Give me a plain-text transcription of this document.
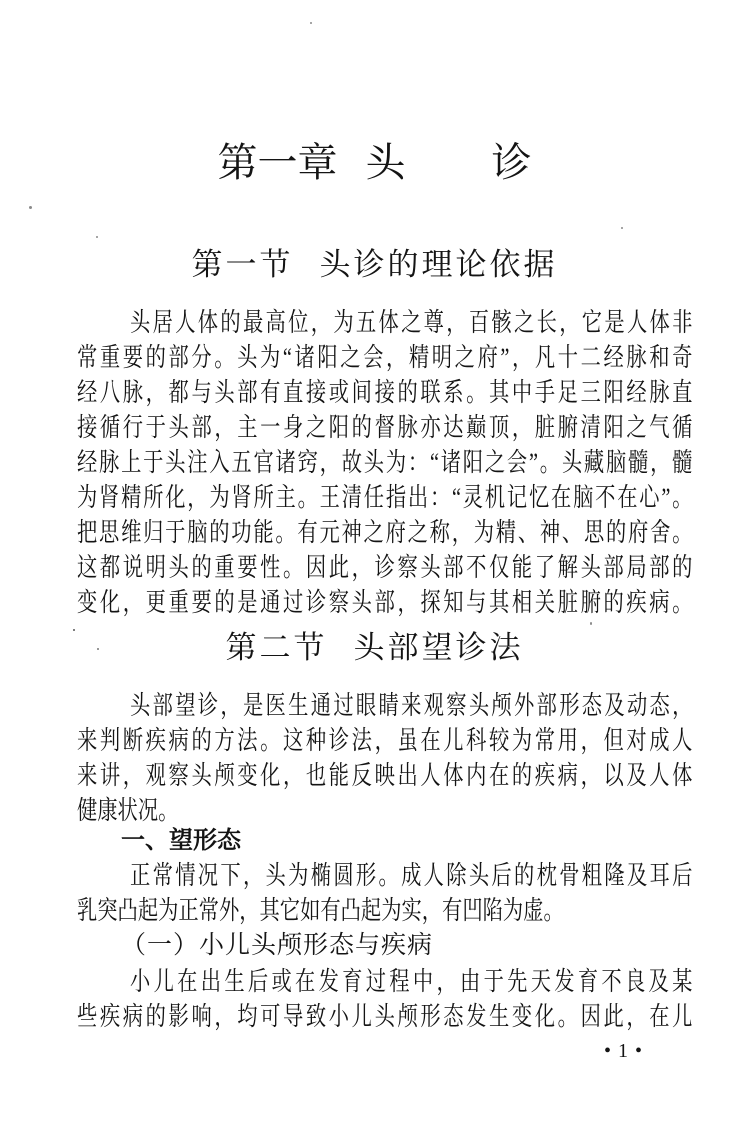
第一章 头 诊
第一节 头诊的理论依据
头居人体的最高位，为五体之尊，百骸之长，它是人体非
常重要的部分。头为“诸阳之会，精明之府”，凡十二经脉和奇
经八脉，都与头部有直接或间接的联系。其中手足三阳经脉直
接循行于头部，主一身之阳的督脉亦达巅顶，脏腑清阳之气循
经脉上于头注入五官诸窍，故头为：“诸阳之会”。头藏脑髓，髓
为肾精所化，为肾所主。王清任指出：“灵机记忆在脑不在心”。
把思维归于脑的功能。有元神之府之称，为精、神、思的府舍。
这都说明头的重要性。因此，诊察头部不仅能了解头部局部的
变化，更重要的是通过诊察头部，探知与其相关脏腑的疾病。
第二节 头部望诊法
头部望诊，是医生通过眼睛来观察头颅外部形态及动态，
来判断疾病的方法。这种诊法，虽在儿科较为常用，但对成人
来讲，观察头颅变化，也能反映出人体内在的疾病，以及人体
健康状况。
一、望形态
正常情况下，头为椭圆形。成人除头后的枕骨粗隆及耳后
乳突凸起为正常外，其它如有凸起为实，有凹陷为虚。
（一）小儿头颅形态与疾病
小儿在出生后或在发育过程中，由于先天发育不良及某
些疾病的影响，均可导致小儿头颅形态发生变化。因此，在儿
• 1 •
